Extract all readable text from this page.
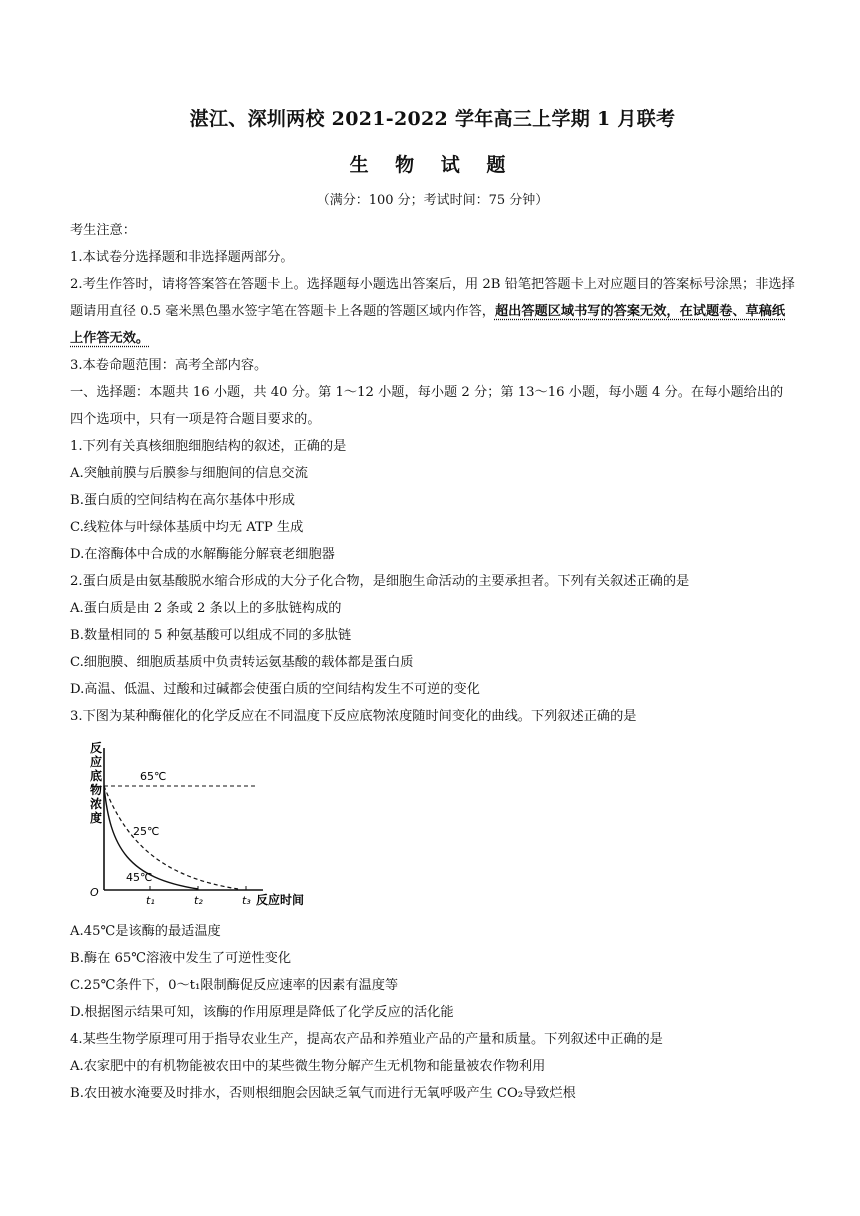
湛江、深圳两校 2021-2022 学年高三上学期 1 月联考
生 物 试 题
（满分：100 分；考试时间：75 分钟）

考生注意：

1.本试卷分选择题和非选择题两部分。

2.考生作答时，请将答案答在答题卡上。选择题每小题选出答案后，用 2B 铅笔把答题卡上对应题目的答案标号涂黑；非选择题请用直径 0.5 毫米黑色墨水签字笔在答题卡上各题的答题区域内作答，超出答题区域书写的答案无效，在试题卷、草稿纸上作答无效。

3.本卷命题范围：高考全部内容。

一、选择题：本题共 16 小题，共 40 分。第 1～12 小题，每小题 2 分；第 13～16 小题，每小题 4 分。在每小题给出的四个选项中，只有一项是符合题目要求的。

1.下列有关真核细胞细胞结构的叙述，正确的是

A.突触前膜与后膜参与细胞间的信息交流

B.蛋白质的空间结构在高尔基体中形成

C.线粒体与叶绿体基质中均无 ATP 生成

D.在溶酶体中合成的水解酶能分解衰老细胞器

2.蛋白质是由氨基酸脱水缩合形成的大分子化合物，是细胞生命活动的主要承担者。下列有关叙述正确的是

A.蛋白质是由 2 条或 2 条以上的多肽链构成的

B.数量相同的 5 种氨基酸可以组成不同的多肽链

C.细胞膜、细胞质基质中负责转运氨基酸的载体都是蛋白质

D.高温、低温、过酸和过碱都会使蛋白质的空间结构发生不可逆的变化

3.下图为某种酶催化的化学反应在不同温度下反应底物浓度随时间变化的曲线。下列叙述正确的是

反
应
底
物
浓
度
O
65℃
25℃
45℃
t₁	t₂	t₃ 反应时间

A.45℃是该酶的最适温度

B.酶在 65℃溶液中发生了可逆性变化

C.25℃条件下，0～t₁限制酶促反应速率的因素有温度等

D.根据图示结果可知，该酶的作用原理是降低了化学反应的活化能

4.某些生物学原理可用于指导农业生产，提高农产品和养殖业产品的产量和质量。下列叙述中正确的是

A.农家肥中的有机物能被农田中的某些微生物分解产生无机物和能量被农作物利用

B.农田被水淹要及时排水，否则根细胞会因缺乏氧气而进行无氧呼吸产生 CO₂导致烂根
